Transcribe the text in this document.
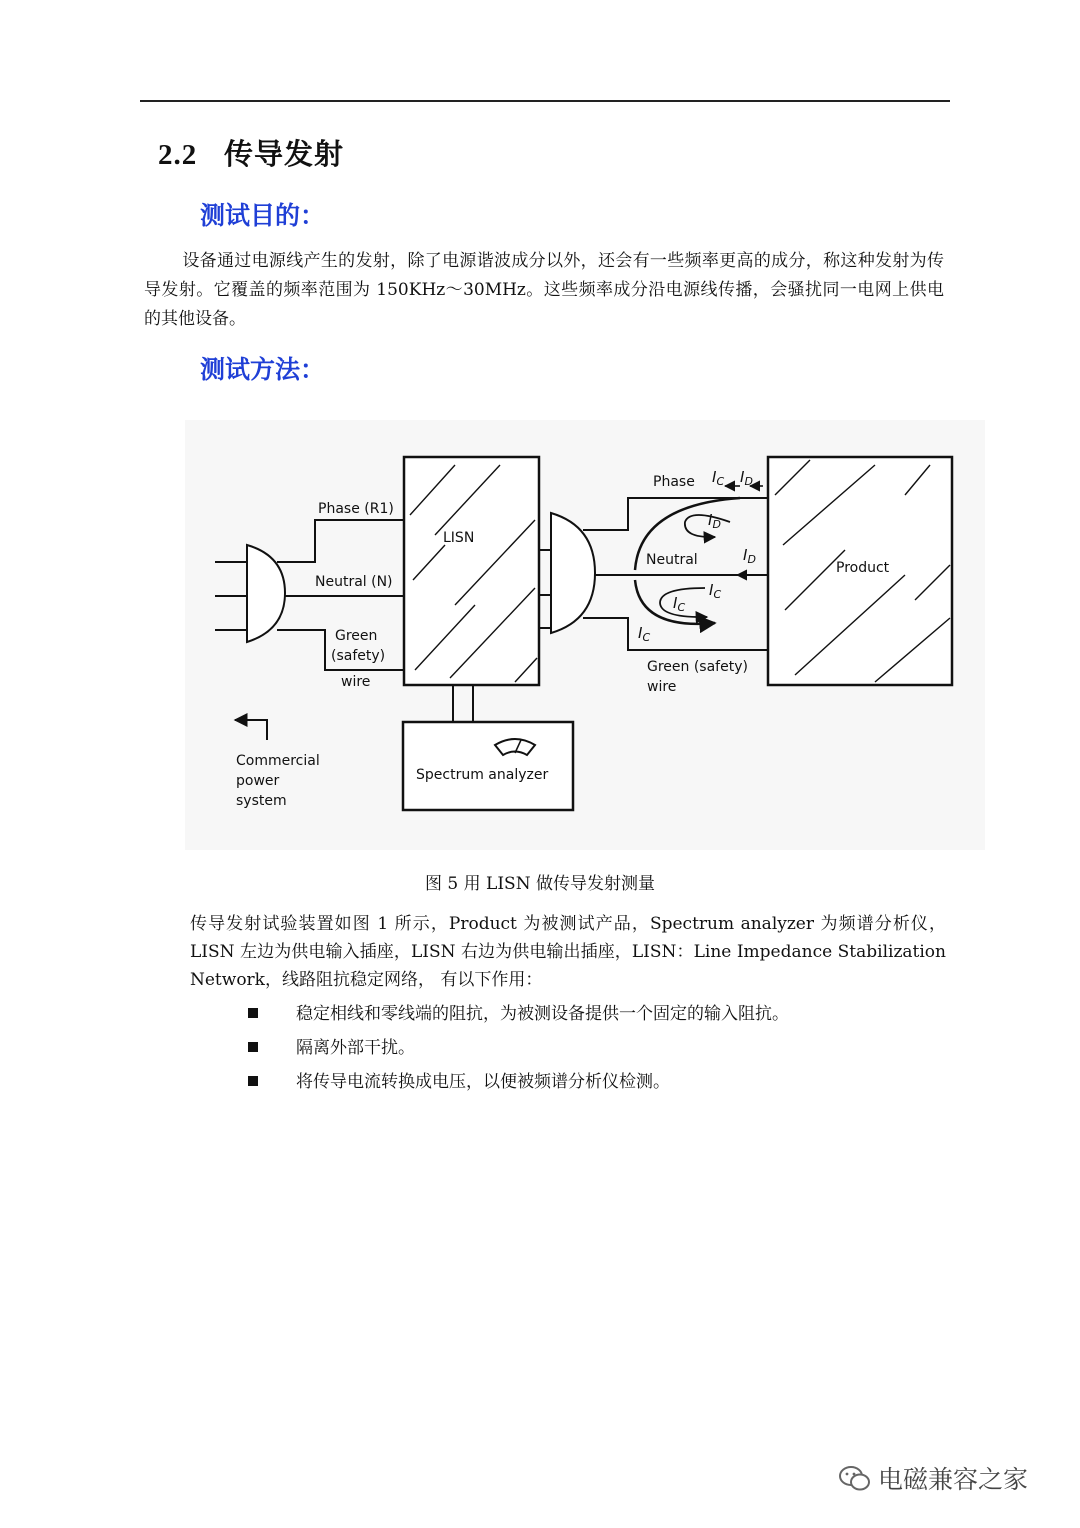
2.2 传导发射
测试目的：
设备通过电源线产生的发射，除了电源谐波成分以外，还会有一些频率更高的成分，称这种发射为传导发射。它覆盖的频率范围为 150KHz～30MHz。这些频率成分沿电源线传播，会骚扰同一电网上供电的其他设备。
测试方法：
LISN
Product
Spectrum analyzer
Phase (R1)
Neutral (N)
Green
(safety)
wire
Commercial
power
system
Phase
Neutral
Green (safety)
wire
$I_C$ $I_D$
$I_D$
$I_D$
$I_C$
$I_C$
$I_C$
图 5 用 LISN 做传导发射测量
传导发射试验装置如图 1 所示，Product 为被测试产品，Spectrum analyzer 为频谱分析仪，LISN 左边为供电输入插座，LISN 右边为供电输出插座，LISN：Line Impedance Stabilization Network，线路阻抗稳定网络， 有以下作用：
稳定相线和零线端的阻抗，为被测设备提供一个固定的输入阻抗。
隔离外部干扰。
将传导电流转换成电压，以便被频谱分析仪检测。
电磁兼容之家
